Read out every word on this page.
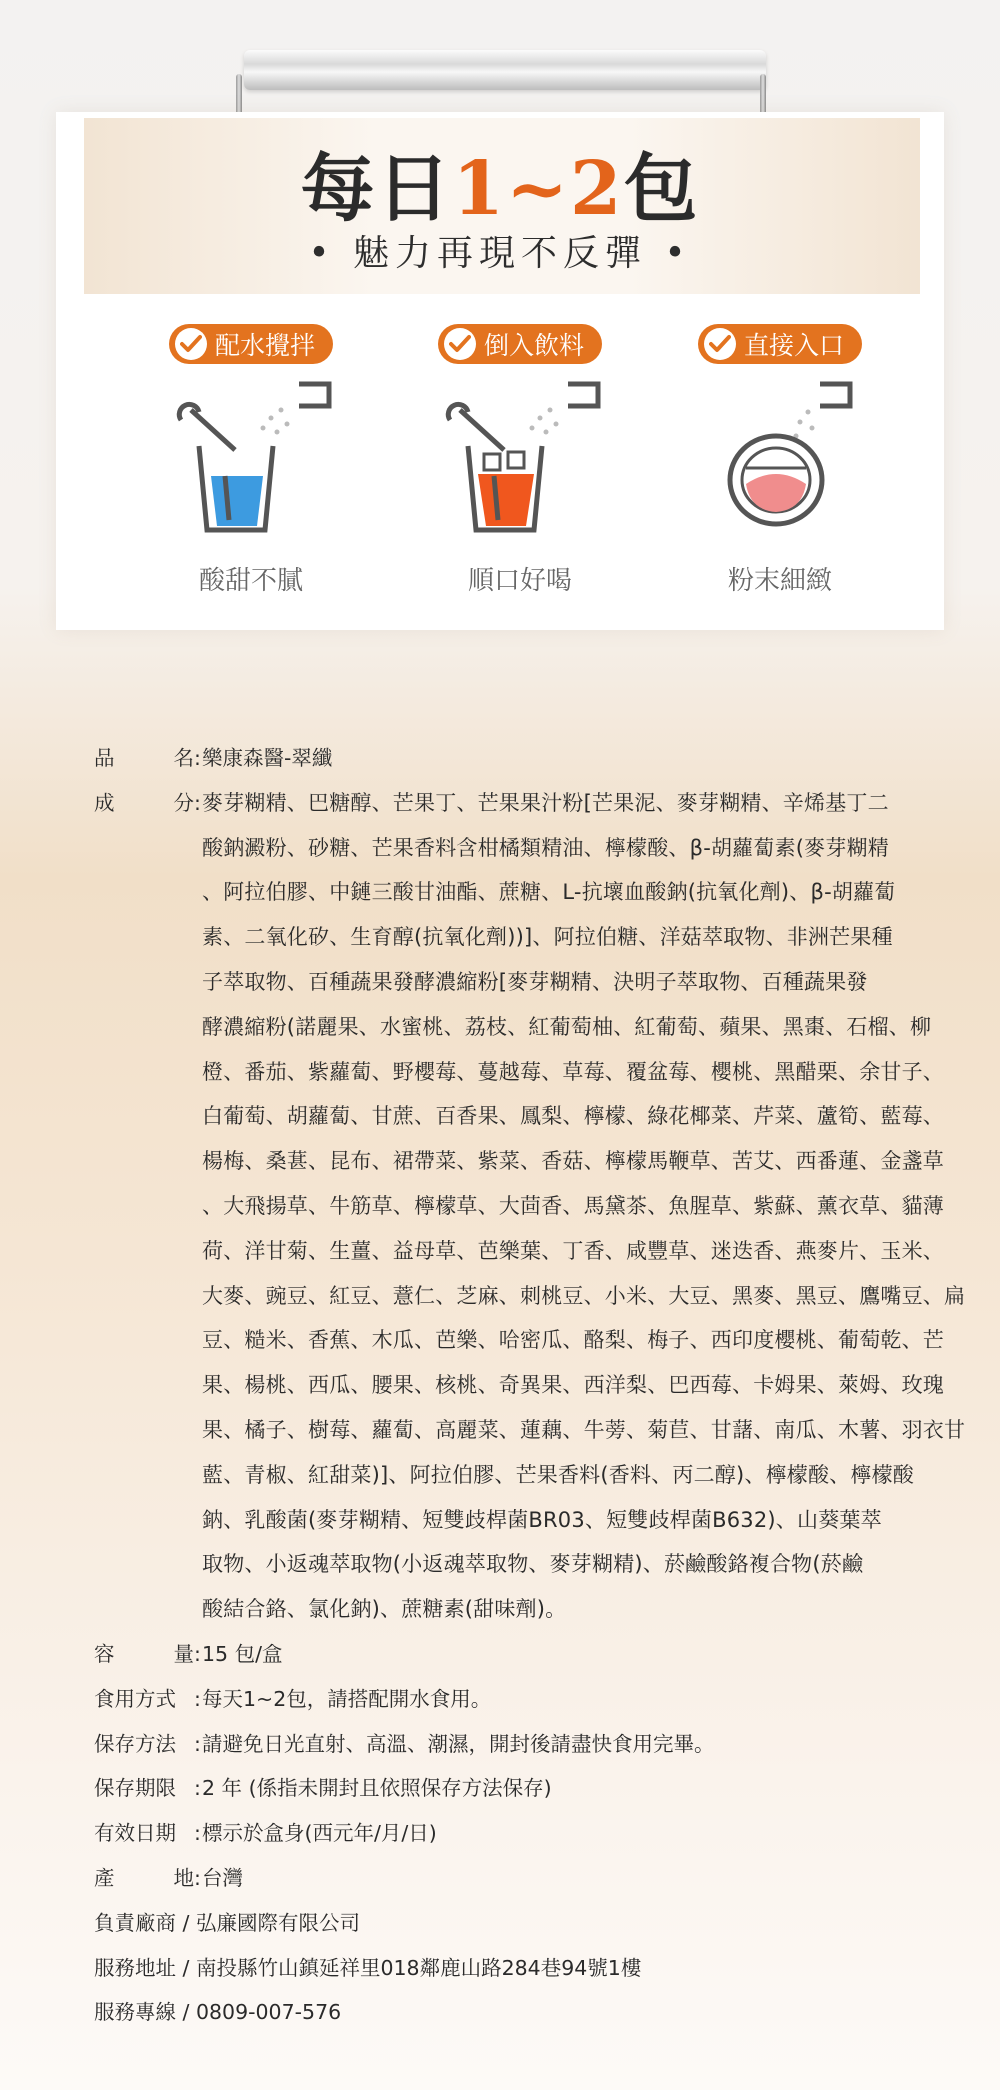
每日1~2包
• 魅力再現不反彈 •
配水攪拌
酸甜不膩
倒入飲料
順口好喝
直接入口
粉末細緻
品	名 : 樂康森醫-翠纖
成	分 : 麥芽糊精、巴糖醇、芒果丁、芒果果汁粉[芒果泥、麥芽糊精、辛烯基丁二
酸鈉澱粉、砂糖、芒果香料含柑橘類精油、檸檬酸、β-胡蘿蔔素(麥芽糊精
、阿拉伯膠、中鏈三酸甘油酯、蔗糖、L-抗壞血酸鈉(抗氧化劑)、β-胡蘿蔔
素、二氧化矽、生育醇(抗氧化劑))]、阿拉伯糖、洋菇萃取物、非洲芒果種
子萃取物、百種蔬果發酵濃縮粉[麥芽糊精、決明子萃取物、百種蔬果發
酵濃縮粉(諾麗果、水蜜桃、荔枝、紅葡萄柚、紅葡萄、蘋果、黑棗、石榴、柳
橙、番茄、紫蘿蔔、野櫻莓、蔓越莓、草莓、覆盆莓、櫻桃、黑醋栗、余甘子、
白葡萄、胡蘿蔔、甘蔗、百香果、鳳梨、檸檬、綠花椰菜、芹菜、蘆筍、藍莓、
楊梅、桑葚、昆布、裙帶菜、紫菜、香菇、檸檬馬鞭草、苦艾、西番蓮、金盞草
、大飛揚草、牛筋草、檸檬草、大茴香、馬黛茶、魚腥草、紫蘇、薰衣草、貓薄
荷、洋甘菊、生薑、益母草、芭樂葉、丁香、咸豐草、迷迭香、燕麥片、玉米、
大麥、豌豆、紅豆、薏仁、芝麻、刺桃豆、小米、大豆、黑麥、黑豆、鷹嘴豆、扁
豆、糙米、香蕉、木瓜、芭樂、哈密瓜、酪梨、梅子、西印度櫻桃、葡萄乾、芒
果、楊桃、西瓜、腰果、核桃、奇異果、西洋梨、巴西莓、卡姆果、萊姆、玫瑰
果、橘子、樹莓、蘿蔔、高麗菜、蓮藕、牛蒡、菊苣、甘藷、南瓜、木薯、羽衣甘
藍、青椒、紅甜菜)]、阿拉伯膠、芒果香料(香料、丙二醇)、檸檬酸、檸檬酸
鈉、乳酸菌(麥芽糊精、短雙歧桿菌BR03、短雙歧桿菌B632)、山葵葉萃
取物、小返魂萃取物(小返魂萃取物、麥芽糊精)、菸鹼酸鉻複合物(菸鹼
酸結合鉻、氯化鈉)、蔗糖素(甜味劑)。
容	量 : 15 包/盒
食用方式 : 每天1~2包，請搭配開水食用。
保存方法 : 請避免日光直射、高溫、潮濕，開封後請盡快食用完畢。
保存期限 : 2 年 (係指未開封且依照保存方法保存)
有效日期 : 標示於盒身(西元年/月/日)
產	地 : 台灣
負責廠商 / 弘廉國際有限公司
服務地址 / 南投縣竹山鎮延祥里018鄰鹿山路284巷94號1樓
服務專線 / 0809-007-576
